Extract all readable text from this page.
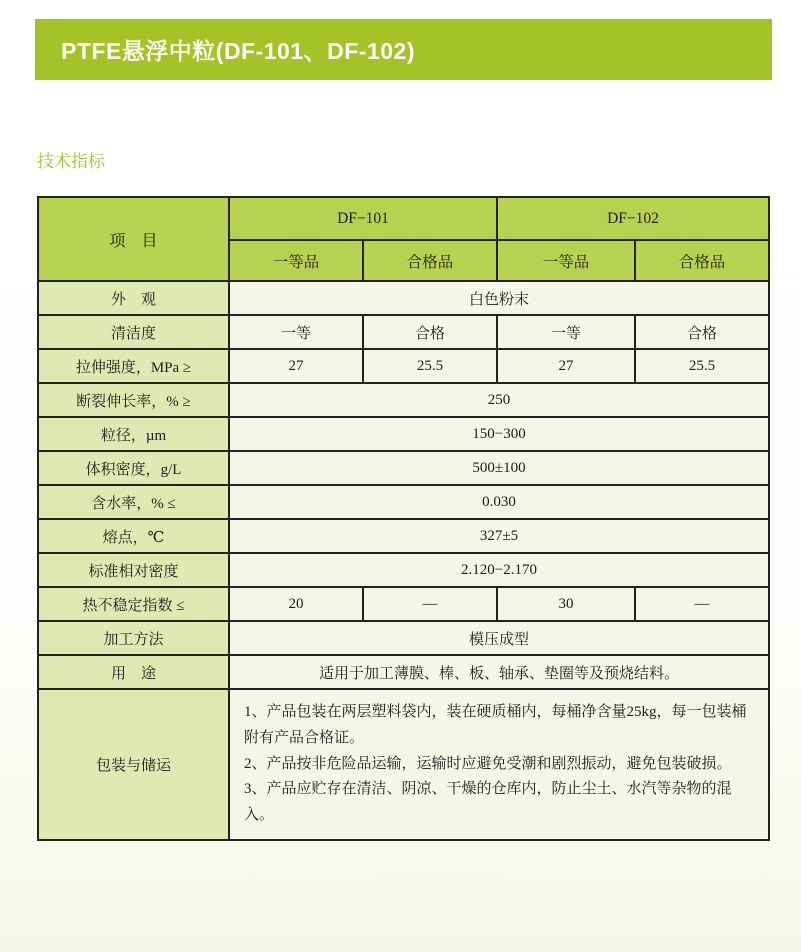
PTFE悬浮中粒(DF-101、DF-102)
技术指标
项　目	DF−101		DF−102	
	一等品	合格品	一等品	合格品
外　观	白色粉末			
清洁度	一等	合格	一等	合格
拉伸强度，MPa ≥	27	25.5	27	25.5
断裂伸长率，% ≥	250			
粒径，µm	150−300			
体积密度，g/L	500±100			
含水率，% ≤	0.030			
熔点，℃	327±5			
标准相对密度	2.120−2.170			
热不稳定指数 ≤	20	—	30	—
加工方法	模压成型			
用　途	适用于加工薄膜、棒、板、轴承、垫圈等及预烧结料。			
包装与储运	1、产品包装在两层塑料袋内，装在硬质桶内，每桶净含量25kg，每一包装桶附有产品合格证。

2、产品按非危险品运输，运输时应避免受潮和剧烈振动，避免包装破损。

3、产品应贮存在清洁、阴凉、干燥的仓库内，防止尘土、水汽等杂物的混入。			
